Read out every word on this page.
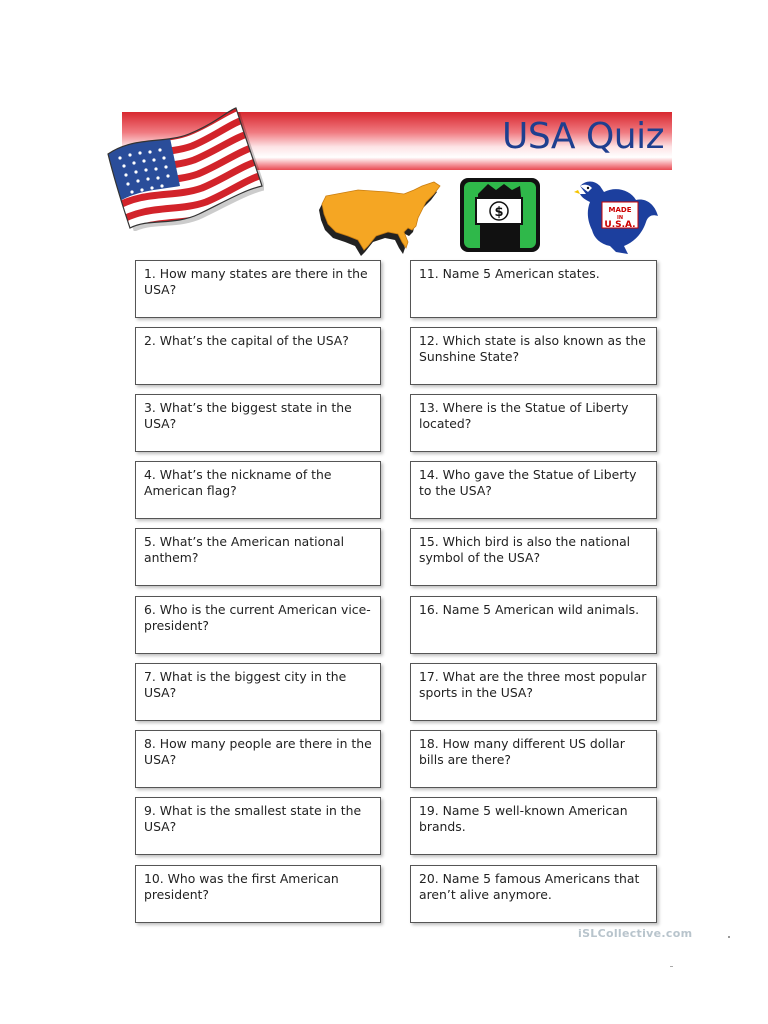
USA Quiz
$	MADE
IN
U.S.A.
1. How many states are there in the USA?
2. What’s the capital of the USA?
3. What’s the biggest state in the USA?
4. What’s the nickname of the American flag?
5. What’s the American national anthem?
6. Who is the current American vice-president?
7. What is the biggest city in the USA?
8. How many people are there in the USA?
9. What is the smallest state in the USA?
10. Who was the first American president?
11. Name 5 American states.
12. Which state is also known as the Sunshine State?
13. Where is the Statue of Liberty located?
14. Who gave the Statue of Liberty to the USA?
15. Which bird is also the national symbol of the USA?
16. Name 5 American wild animals.
17. What are the three most popular sports in the USA?
18. How many different US dollar bills are there?
19. Name 5 well-known American brands.
20. Name 5 famous Americans that aren’t alive anymore.
iSLCollective.com
